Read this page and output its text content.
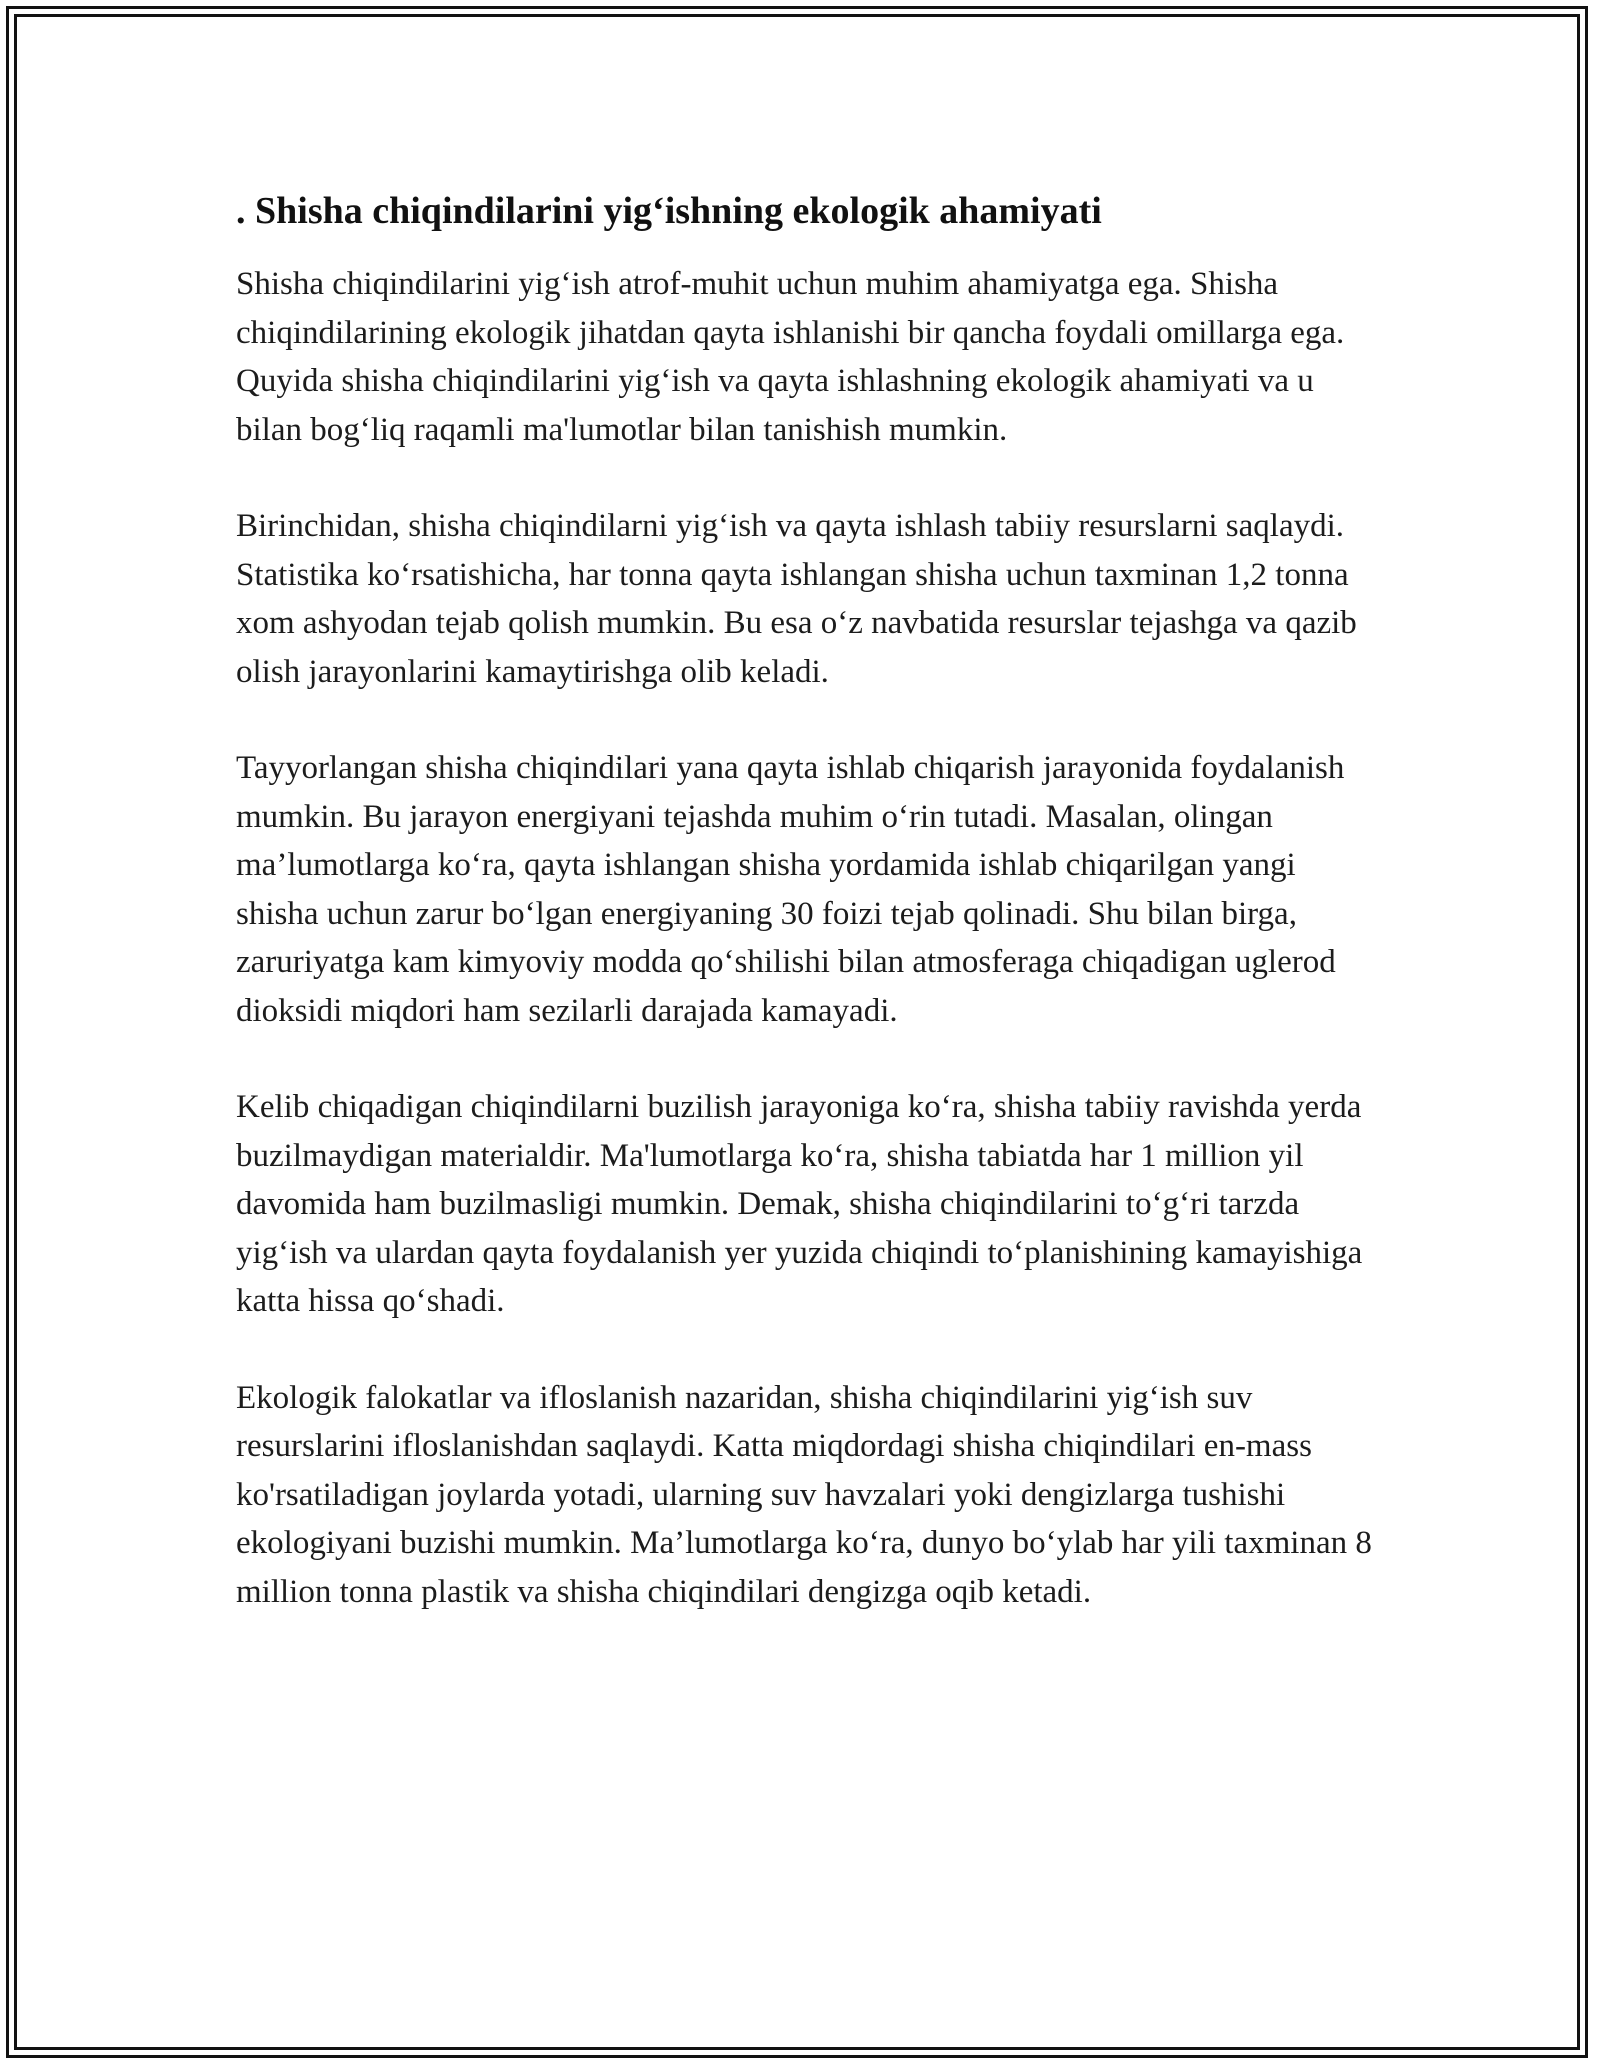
. Shisha chiqindilarini yig‘ishning ekologik ahamiyati

Shisha chiqindilarini yig‘ish atrof-muhit uchun muhim ahamiyatga ega. Shisha chiqindilarining ekologik jihatdan qayta ishlanishi bir qancha foydali omillarga ega. Quyida shisha chiqindilarini yig‘ish va qayta ishlashning ekologik ahamiyati va u bilan bog‘liq raqamli ma'lumotlar bilan tanishish mumkin.

Birinchidan, shisha chiqindilarni yig‘ish va qayta ishlash tabiiy resurslarni saqlaydi. Statistika ko‘rsatishicha, har tonna qayta ishlangan shisha uchun taxminan 1,2 tonna xom ashyodan tejab qolish mumkin. Bu esa o‘z navbatida resurslar tejashga va qazib olish jarayonlarini kamaytirishga olib keladi.

Tayyorlangan shisha chiqindilari yana qayta ishlab chiqarish jarayonida foydalanish mumkin. Bu jarayon energiyani tejashda muhim o‘rin tutadi. Masalan, olingan ma’lumotlarga ko‘ra, qayta ishlangan shisha yordamida ishlab chiqarilgan yangi shisha uchun zarur bo‘lgan energiyaning 30 foizi tejab qolinadi. Shu bilan birga, zaruriyatga kam kimyoviy modda qo‘shilishi bilan atmosferaga chiqadigan uglerod dioksidi miqdori ham sezilarli darajada kamayadi.

Kelib chiqadigan chiqindilarni buzilish jarayoniga ko‘ra, shisha tabiiy ravishda yerda buzilmaydigan materialdir. Ma'lumotlarga ko‘ra, shisha tabiatda har 1 million yil davomida ham buzilmasligi mumkin. Demak, shisha chiqindilarini to‘g‘ri tarzda yig‘ish va ulardan qayta foydalanish yer yuzida chiqindi to‘planishining kamayishiga katta hissa qo‘shadi.

Ekologik falokatlar va ifloslanish nazaridan, shisha chiqindilarini yig‘ish suv resurslarini ifloslanishdan saqlaydi. Katta miqdordagi shisha chiqindilari en-mass ko'rsatiladigan joylarda yotadi, ularning suv havzalari yoki dengizlarga tushishi ekologiyani buzishi mumkin. Ma’lumotlarga ko‘ra, dunyo bo‘ylab har yili taxminan 8 million tonna plastik va shisha chiqindilari dengizga oqib ketadi.
